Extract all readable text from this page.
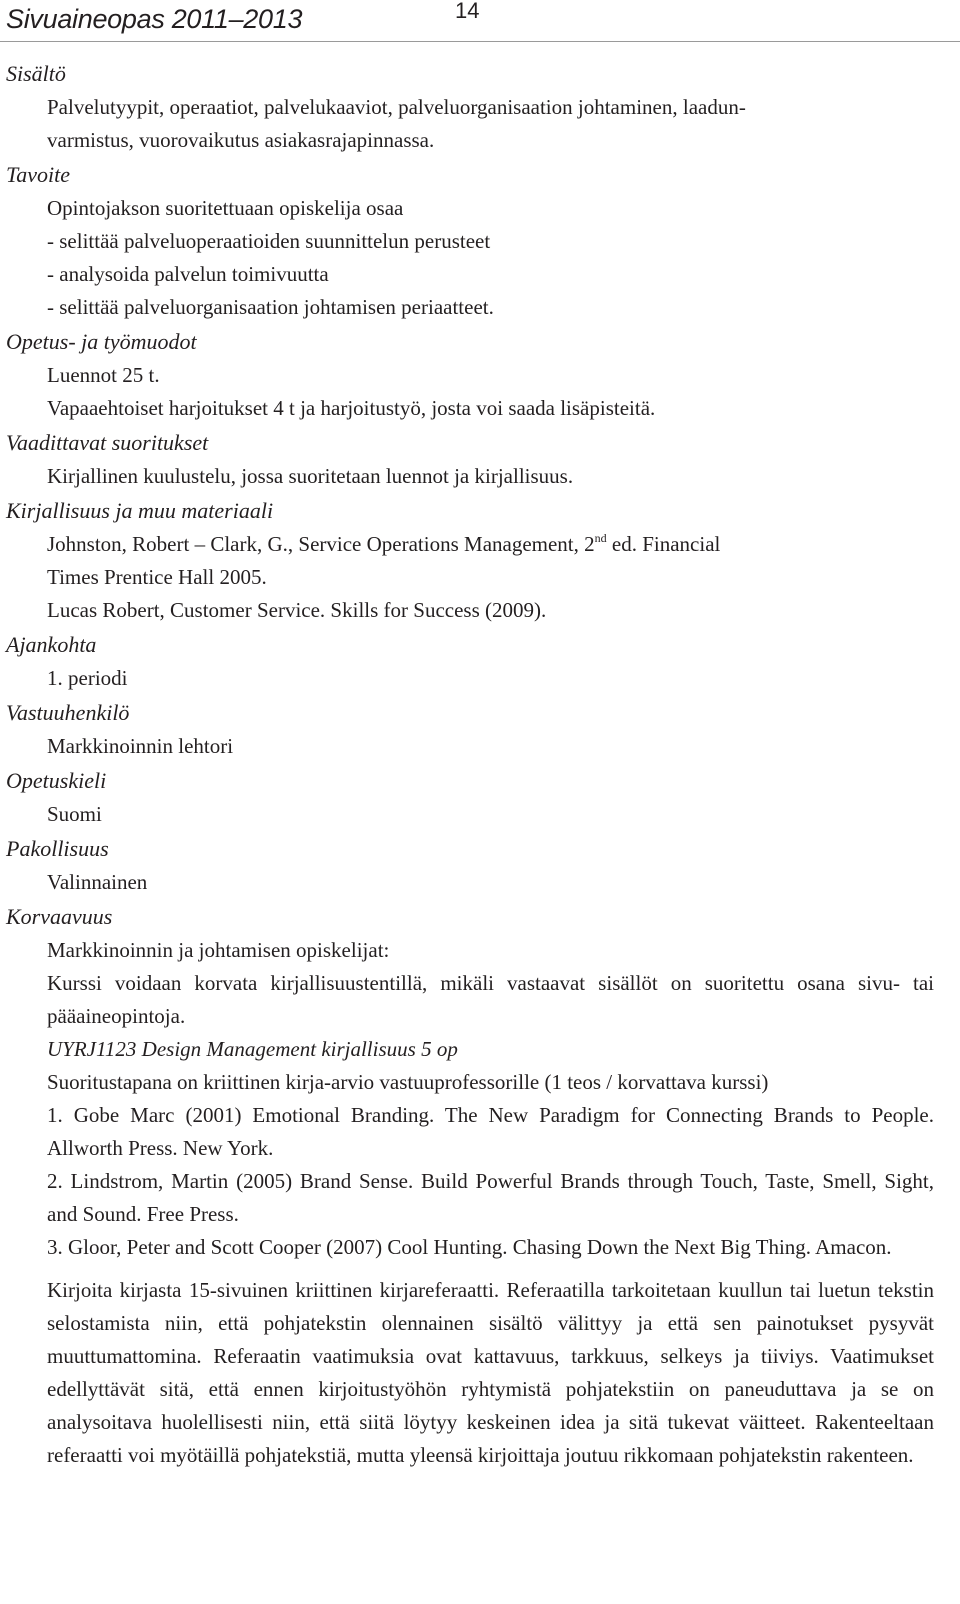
Sivuaineopas 2011–2013	14
Sisältö
Palvelutyypit, operaatiot, palvelukaaviot, palveluorganisaation johtaminen, laadun-
varmistus, vuorovaikutus asiakasrajapinnassa.
Tavoite
Opintojakson suoritettuaan opiskelija osaa
- selittää palveluoperaatioiden suunnittelun perusteet
- analysoida palvelun toimivuutta
- selittää palveluorganisaation johtamisen periaatteet.
Opetus- ja työmuodot
Luennot 25 t.
Vapaaehtoiset harjoitukset 4 t ja harjoitustyö, josta voi saada lisäpisteitä.
Vaadittavat suoritukset
Kirjallinen kuulustelu, jossa suoritetaan luennot ja kirjallisuus.
Kirjallisuus ja muu materiaali
Johnston, Robert – Clark, G., Service Operations Management, 2nd ed. Financial
Times Prentice Hall 2005.
Lucas Robert, Customer Service. Skills for Success (2009).
Ajankohta
1. periodi
Vastuuhenkilö
Markkinoinnin lehtori
Opetuskieli
Suomi
Pakollisuus
Valinnainen
Korvaavuus
Markkinoinnin ja johtamisen opiskelijat:
Kurssi voidaan korvata kirjallisuustentillä, mikäli vastaavat sisällöt on suoritettu osana sivu- tai pääaineopintoja.
UYRJ1123 Design Management kirjallisuus 5 op
Suoritustapana on kriittinen kirja-arvio vastuuprofessorille (1 teos / korvattava kurssi)
1. Gobe Marc (2001) Emotional Branding. The New Paradigm for Connecting Brands to People. Allworth Press. New York.
2. Lindstrom, Martin (2005) Brand Sense. Build Powerful Brands through Touch, Taste, Smell, Sight, and Sound. Free Press.
3. Gloor, Peter and Scott Cooper (2007) Cool Hunting. Chasing Down the Next Big Thing. Amacon.
Kirjoita kirjasta 15-sivuinen kriittinen kirjareferaatti. Referaatilla tarkoitetaan kuullun tai luetun tekstin selostamista niin, että pohjatekstin olennainen sisältö välittyy ja että sen painotukset pysyvät muuttumattomina. Referaatin vaatimuksia ovat kattavuus, tarkkuus, selkeys ja tiiviys. Vaatimukset edellyttävät sitä, että ennen kirjoitustyöhön ryhtymistä pohjatekstiin on paneuduttava ja se on analysoitava huolellisesti niin, että siitä löytyy keskeinen idea ja sitä tukevat väitteet. Rakenteeltaan referaatti voi myötäillä pohjatekstiä, mutta yleensä kirjoittaja joutuu rikkomaan pohjatekstin rakenteen.
